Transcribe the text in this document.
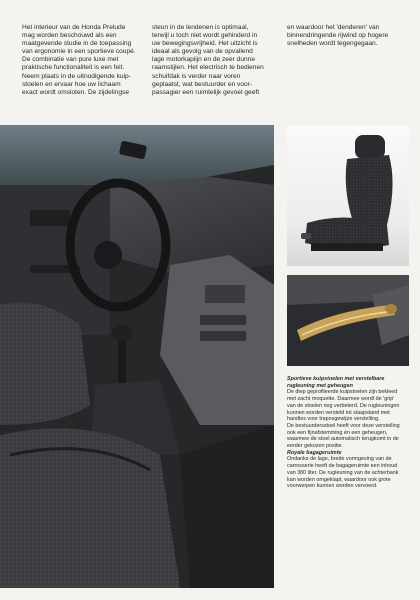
Het interieur van de Honda Prelude
mag worden beschouwd als een
maatgevende studie in de toepassing
van ergonomie in een sportieve coupé.
De combinatie van pure luxe met
praktische functionaliteit is een feit.
Neem plaats in de uitnodigende kuip-
stoelen en ervaar hoe uw lichaam
exact wordt omsloten. De zijdelingse
steun in de lendenen is optimaal,
terwijl u toch niet wordt gehinderd in
uw bewegingsvrijheid. Het uitzicht is
ideaal als gevolg van de opvallend
lage motorkapiijn en de zeer dunne
raamstijlen. Het electrisch te bedienen
schuifdak is verder naar voren
geplaatst, wat bestuurder en voor-
passagier een ruimtelijk gevoel geeft
en waardoor het 'denderen' van
binnendringende rijwind op hogere
snelheden wordt tegengegaan.
Sportieve kuipstoelen met verstelbare
rugleuning met geheugen
De diep geprofileerde kuipstoelen zijn bekleed
met zacht moquette. Daarmee wordt de 'grip'
van de stoelen nog verbeterd. De rugleuningen
kunnen worden versteld tot slaapstand met
handles voor traposgewijze verstelling.
De bestuurdersstoel heeft voor deze verstelling
ook een fijnafstemming én een geheugen,
waarmee de stoel automatisch terugkomt in de
eerder gekozen positie.
Royale bagageruimte
Ondanks de lage, brede vormgeving van de
carrosserie heeft de bagageruimte een inhoud
van 380 liter. De rugleuning van de achterbank
kan worden omgeklapt, waardoor ook grote
voorwerpen kunnen worden vervoerd.
